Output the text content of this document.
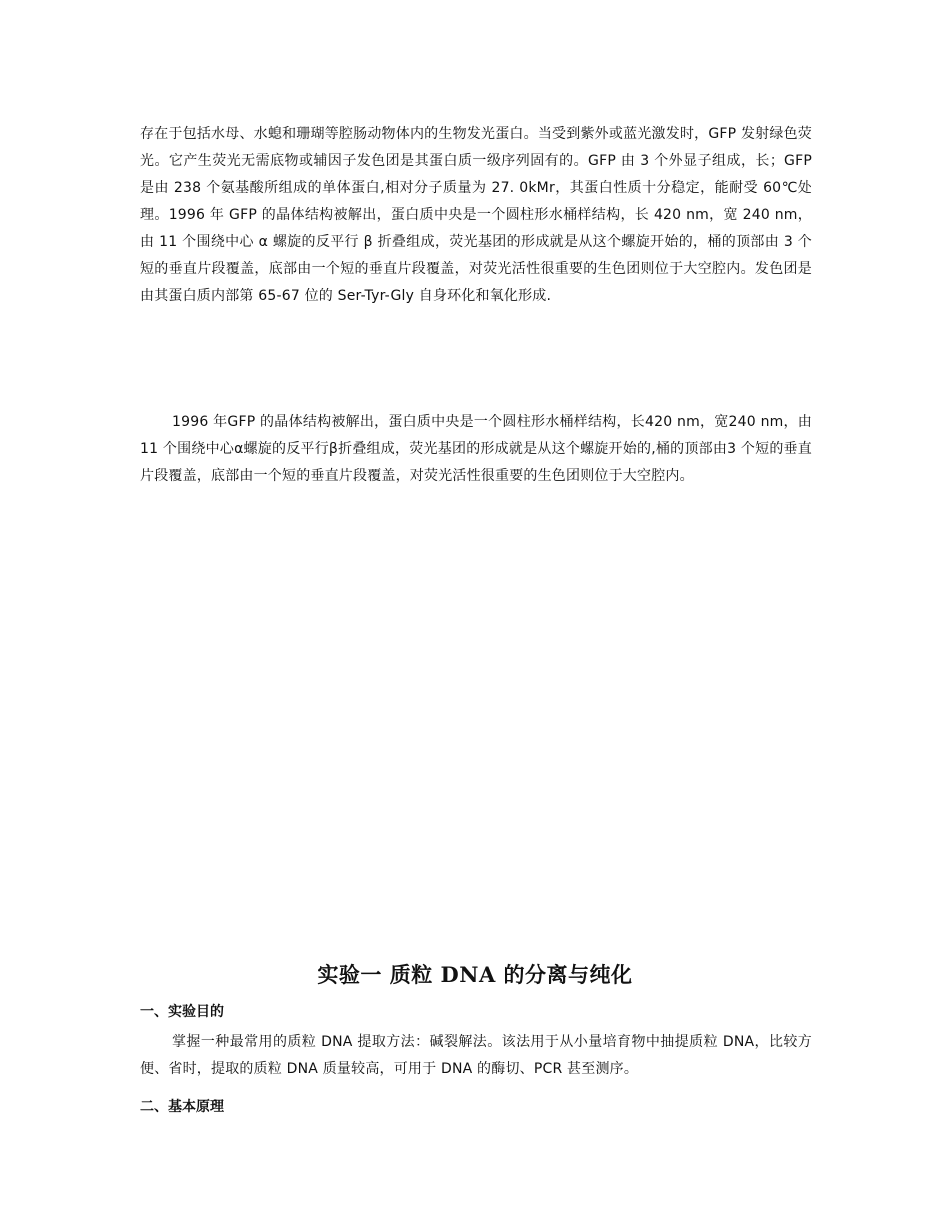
存在于包括水母、水螅和珊瑚等腔肠动物体内的生物发光蛋白。当受到紫外或蓝光激发时，GFP 发射绿色荧光。它产生荧光无需底物或辅因子发色团是其蛋白质一级序列固有的。GFP 由 3 个外显子组成，长；GFP 是由 238 个氨基酸所组成的单体蛋白,相对分子质量为 27. 0kMr，其蛋白性质十分稳定，能耐受 60℃处理。1996 年 GFP 的晶体结构被解出，蛋白质中央是一个圆柱形水桶样结构，长 420 nm，宽 240 nm，由 11 个围绕中心 α 螺旋的反平行 β 折叠组成，荧光基团的形成就是从这个螺旋开始的，桶的顶部由 3 个短的垂直片段覆盖，底部由一个短的垂直片段覆盖，对荧光活性很重要的生色团则位于大空腔内。发色团是由其蛋白质内部第 65-67 位的 Ser-Tyr-Gly 自身环化和氧化形成.

1996 年GFP 的晶体结构被解出，蛋白质中央是一个圆柱形水桶样结构，长420 nm，宽240 nm，由11 个围绕中心α螺旋的反平行β折叠组成，荧光基团的形成就是从这个螺旋开始的,桶的顶部由3 个短的垂直片段覆盖，底部由一个短的垂直片段覆盖，对荧光活性很重要的生色团则位于大空腔内。

实验一 质粒 DNA 的分离与纯化
一、实验目的

掌握一种最常用的质粒 DNA 提取方法：碱裂解法。该法用于从小量培育物中抽提质粒 DNA，比较方便、省时，提取的质粒 DNA 质量较高，可用于 DNA 的酶切、PCR 甚至测序。

二、基本原理
